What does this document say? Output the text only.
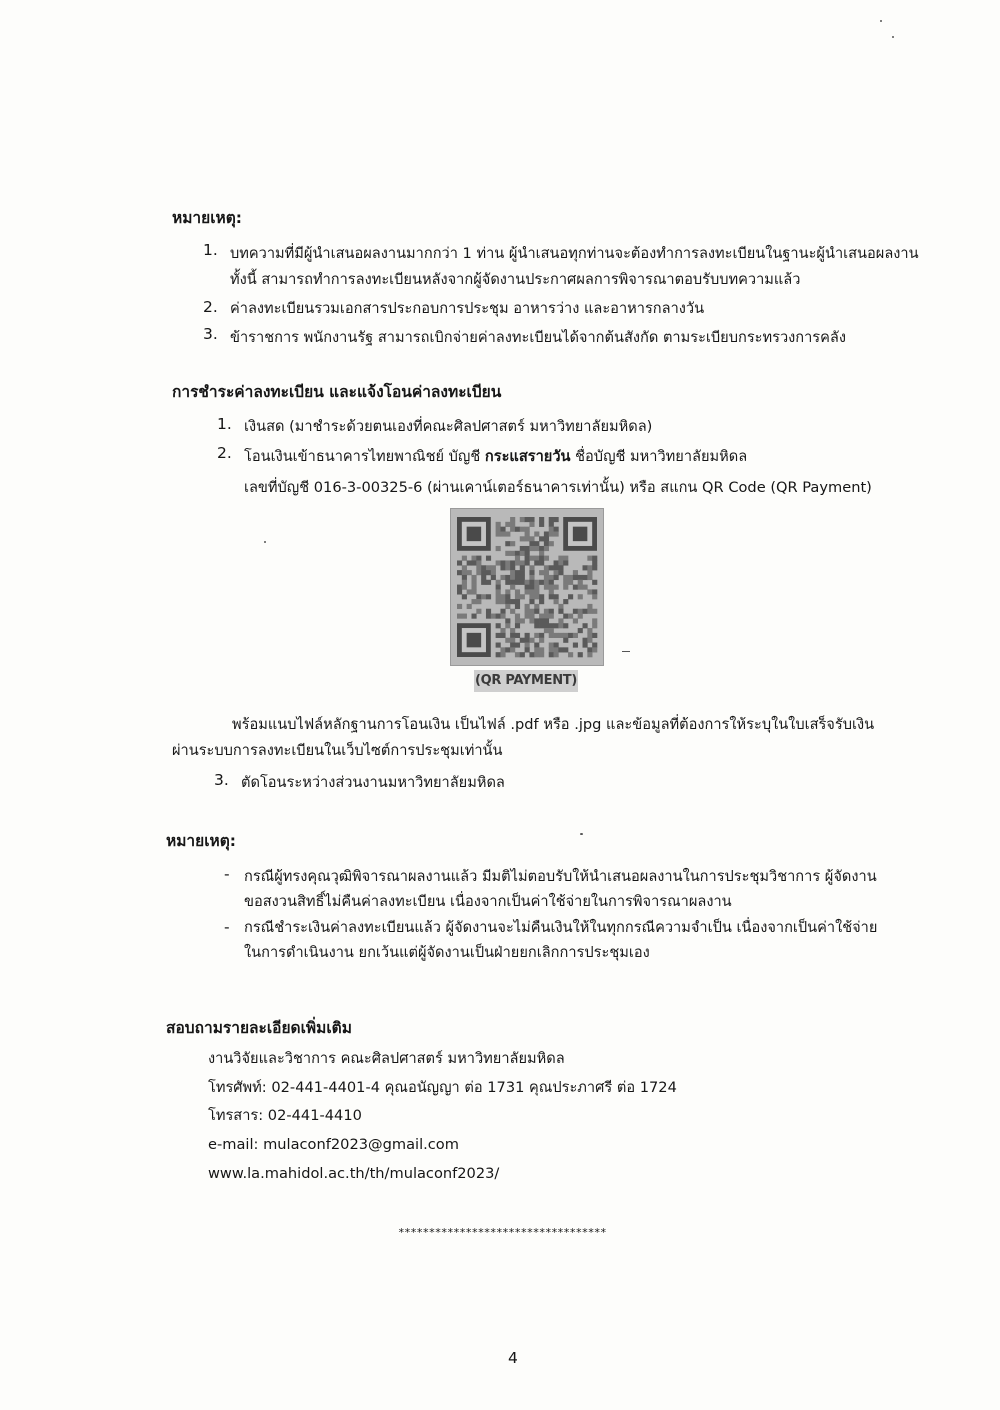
หมายเหตุ:
1. บทความที่มีผู้นำเสนอผลงานมากกว่า 1 ท่าน ผู้นำเสนอทุกท่านจะต้องทำการลงทะเบียนในฐานะผู้นำเสนอผลงาน
ทั้งนี้ สามารถทำการลงทะเบียนหลังจากผู้จัดงานประกาศผลการพิจารณาตอบรับบทความแล้ว
2. ค่าลงทะเบียนรวมเอกสารประกอบการประชุม อาหารว่าง และอาหารกลางวัน
3. ข้าราชการ พนักงานรัฐ สามารถเบิกจ่ายค่าลงทะเบียนได้จากต้นสังกัด ตามระเบียบกระทรวงการคลัง
การชำระค่าลงทะเบียน และแจ้งโอนค่าลงทะเบียน
1. เงินสด (มาชำระด้วยตนเองที่คณะศิลปศาสตร์ มหาวิทยาลัยมหิดล)
2. โอนเงินเข้าธนาคารไทยพาณิชย์ บัญชี กระแสรายวัน ชื่อบัญชี มหาวิทยาลัยมหิดล
เลขที่บัญชี 016-3-00325-6 (ผ่านเคาน์เตอร์ธนาคารเท่านั้น) หรือ สแกน QR Code (QR Payment)
(QR PAYMENT)
พร้อมแนบไฟล์หลักฐานการโอนเงิน เป็นไฟล์ .pdf หรือ .jpg และข้อมูลที่ต้องการให้ระบุในใบเสร็จรับเงิน
ผ่านระบบการลงทะเบียนในเว็บไซต์การประชุมเท่านั้น
3. ตัดโอนระหว่างส่วนงานมหาวิทยาลัยมหิดล
หมายเหตุ:
- กรณีผู้ทรงคุณวุฒิพิจารณาผลงานแล้ว มีมติไม่ตอบรับให้นำเสนอผลงานในการประชุมวิชาการ ผู้จัดงาน
ขอสงวนสิทธิ์ไม่คืนค่าลงทะเบียน เนื่องจากเป็นค่าใช้จ่ายในการพิจารณาผลงาน
- กรณีชำระเงินค่าลงทะเบียนแล้ว ผู้จัดงานจะไม่คืนเงินให้ในทุกกรณีความจำเป็น เนื่องจากเป็นค่าใช้จ่าย
ในการดำเนินงาน ยกเว้นแต่ผู้จัดงานเป็นฝ่ายยกเลิกการประชุมเอง
สอบถามรายละเอียดเพิ่มเติม
งานวิจัยและวิชาการ คณะศิลปศาสตร์ มหาวิทยาลัยมหิดล
โทรศัพท์: 02-441-4401-4 คุณอนัญญา ต่อ 1731 คุณประภาศรี ต่อ 1724
โทรสาร: 02-441-4410
e-mail: mulaconf2023@gmail.com
www.la.mahidol.ac.th/th/mulaconf2023/
**********************************
4
